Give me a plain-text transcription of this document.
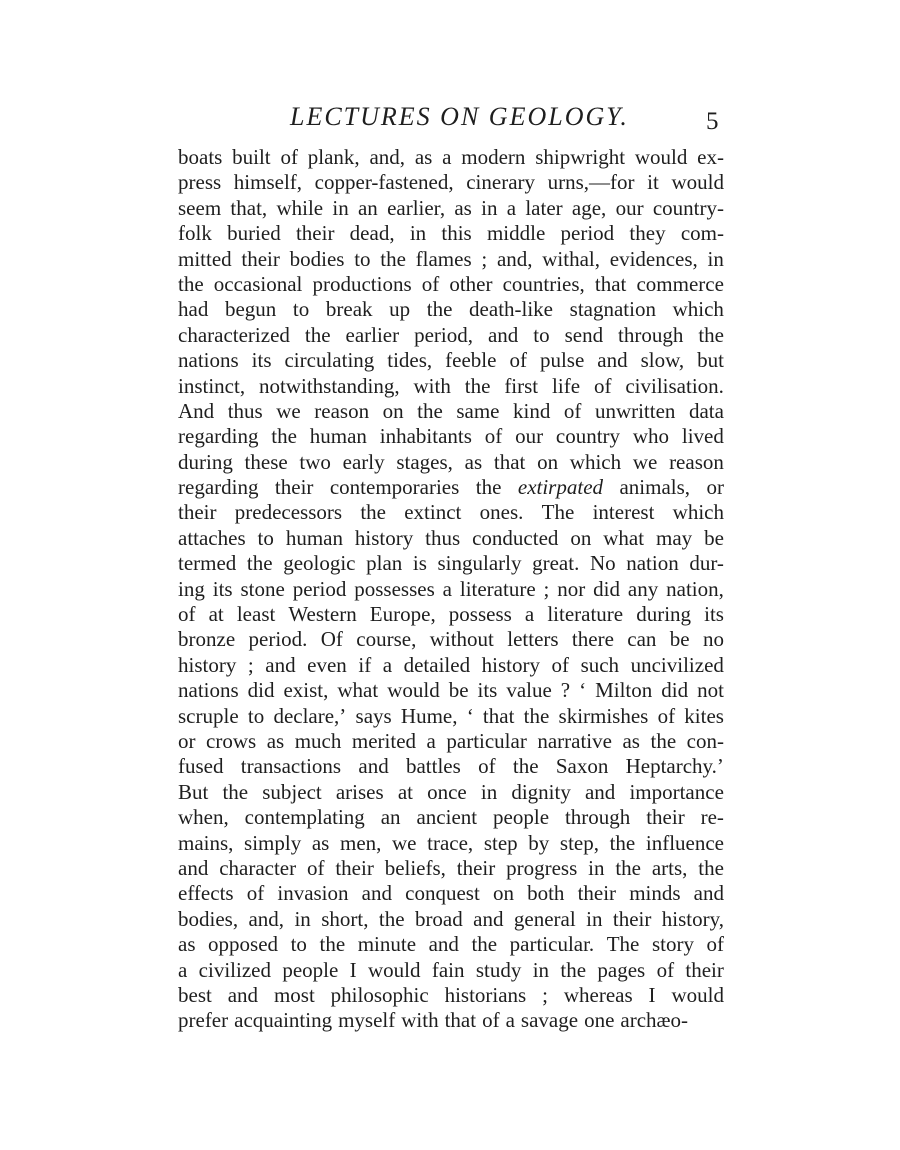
LECTURES ON GEOLOGY.	5
boats built of plank, and, as a modern shipwright would ex-
press himself, copper-fastened, cinerary urns,—for it would
seem that, while in an earlier, as in a later age, our country-
folk buried their dead, in this middle period they com-
mitted their bodies to the flames ; and, withal, evidences, in
the occasional productions of other countries, that commerce
had begun to break up the death-like stagnation which
characterized the earlier period, and to send through the
nations its circulating tides, feeble of pulse and slow, but
instinct, notwithstanding, with the first life of civilisation.
And thus we reason on the same kind of unwritten data
regarding the human inhabitants of our country who lived
during these two early stages, as that on which we reason
regarding their contemporaries the extirpated animals, or
their predecessors the extinct ones. The interest which
attaches to human history thus conducted on what may be
termed the geologic plan is singularly great. No nation dur-
ing its stone period possesses a literature ; nor did any nation,
of at least Western Europe, possess a literature during its
bronze period. Of course, without letters there can be no
history ; and even if a detailed history of such uncivilized
nations did exist, what would be its value ? ‘ Milton did not
scruple to declare,’ says Hume, ‘ that the skirmishes of kites
or crows as much merited a particular narrative as the con-
fused transactions and battles of the Saxon Heptarchy.’
But the subject arises at once in dignity and importance
when, contemplating an ancient people through their re-
mains, simply as men, we trace, step by step, the influence
and character of their beliefs, their progress in the arts, the
effects of invasion and conquest on both their minds and
bodies, and, in short, the broad and general in their history,
as opposed to the minute and the particular. The story of
a civilized people I would fain study in the pages of their
best and most philosophic historians ; whereas I would
prefer acquainting myself with that of a savage one archæo-
